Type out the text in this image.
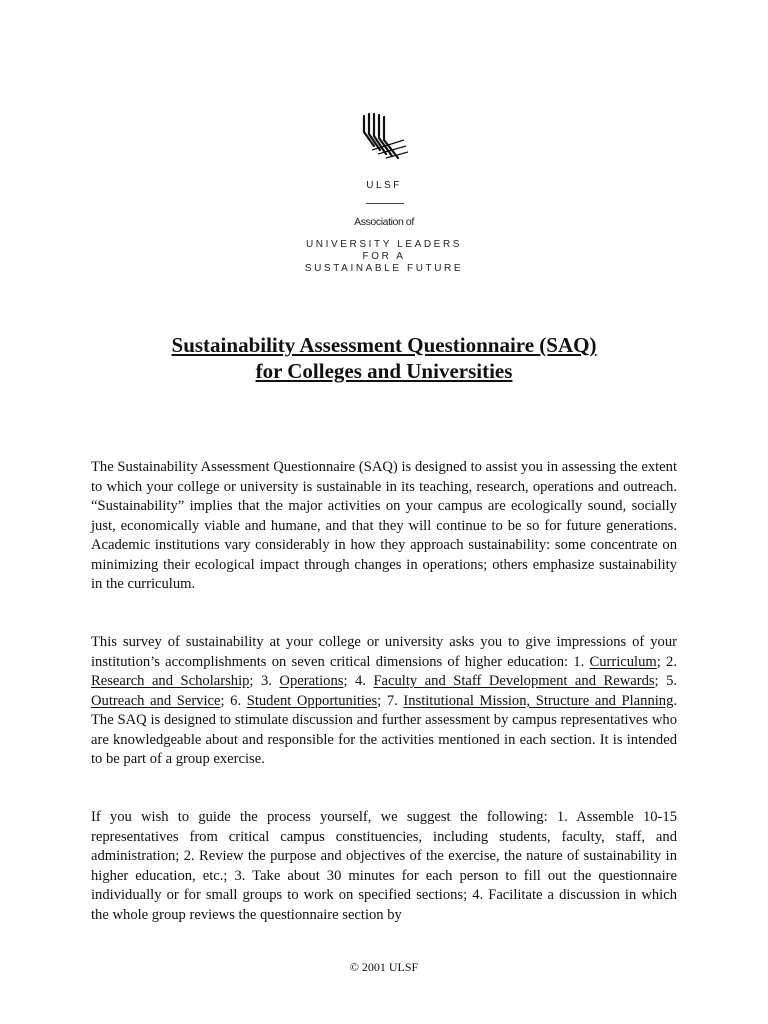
ULSF
Association of
UNIVERSITY LEADERS
FOR A
SUSTAINABLE FUTURE
Sustainability Assessment Questionnaire (SAQ)
for Colleges and Universities

The Sustainability Assessment Questionnaire (SAQ) is designed to assist you in assessing the extent to which your college or university is sustainable in its teaching, research, operations and outreach. “Sustainability” implies that the major activities on your campus are ecologically sound, socially just, economically viable and humane, and that they will continue to be so for future generations. Academic institutions vary considerably in how they approach sustainability: some concentrate on minimizing their ecological impact through changes in operations; others emphasize sustainability in the curriculum.

This survey of sustainability at your college or university asks you to give impressions of your institution’s accomplishments on seven critical dimensions of higher education: 1. Curriculum; 2. Research and Scholarship; 3. Operations; 4. Faculty and Staff Development and Rewards; 5. Outreach and Service; 6. Student Opportunities; 7. Institutional Mission, Structure and Planning. The SAQ is designed to stimulate discussion and further assessment by campus representatives who are knowledgeable about and responsible for the activities mentioned in each section. It is intended to be part of a group exercise.

If you wish to guide the process yourself, we suggest the following: 1. Assemble 10-15 representatives from critical campus constituencies, including students, faculty, staff, and administration; 2. Review the purpose and objectives of the exercise, the nature of sustainability in higher education, etc.; 3. Take about 30 minutes for each person to fill out the questionnaire individually or for small groups to work on specified sections; 4. Facilitate a discussion in which the whole group reviews the questionnaire section by

© 2001 ULSF
